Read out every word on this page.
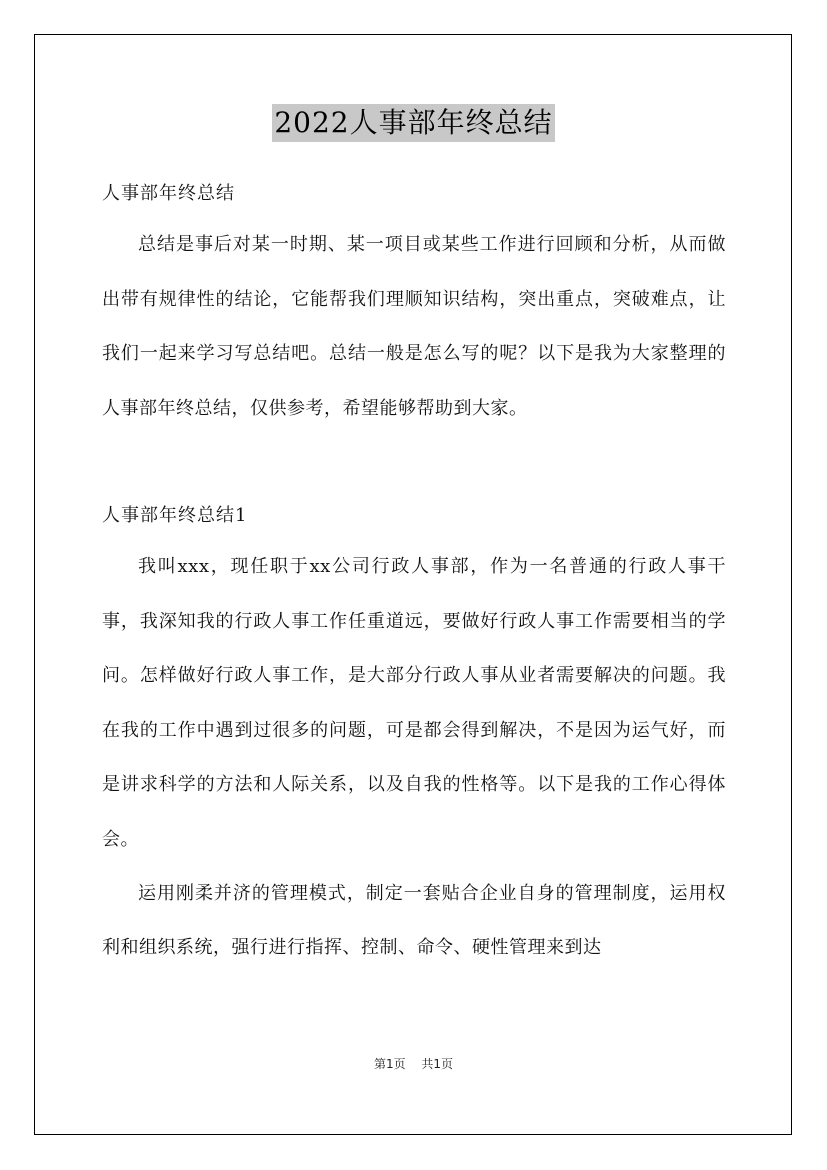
2022人事部年终总结
人事部年终总结

总结是事后对某一时期、某一项目或某些工作进行回顾和分析，从而做出带有规律性的结论，它能帮我们理顺知识结构，突出重点，突破难点，让我们一起来学习写总结吧。总结一般是怎么写的呢？以下是我为大家整理的人事部年终总结，仅供参考，希望能够帮助到大家。

人事部年终总结1

我叫xxx，现任职于xx公司行政人事部，作为一名普通的行政人事干事，我深知我的行政人事工作任重道远，要做好行政人事工作需要相当的学问。怎样做好行政人事工作，是大部分行政人事从业者需要解决的问题。我在我的工作中遇到过很多的问题，可是都会得到解决，不是因为运气好，而是讲求科学的方法和人际关系，以及自我的性格等。以下是我的工作心得体会。

运用刚柔并济的管理模式，制定一套贴合企业自身的管理制度，运用权利和组织系统，强行进行指挥、控制、命令、硬性管理来到达

第1页 共1页
